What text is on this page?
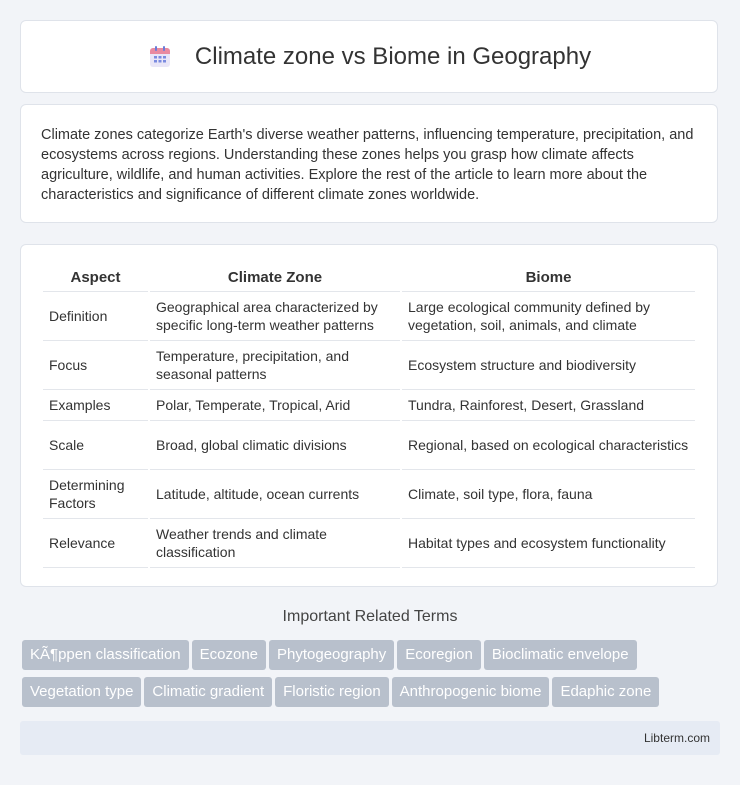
Climate zone vs Biome in Geography

Climate zones categorize Earth's diverse weather patterns, influencing temperature, precipitation, and ecosystems across regions. Understanding these zones helps you grasp how climate affects agriculture, wildlife, and human activities. Explore the rest of the article to learn more about the characteristics and significance of different climate zones worldwide.

Aspect	Climate Zone	Biome
Definition	Geographical area characterized by specific long-term weather patterns	Large ecological community defined by vegetation, soil, animals, and climate
Focus	Temperature, precipitation, and seasonal patterns	Ecosystem structure and biodiversity
Examples	Polar, Temperate, Tropical, Arid	Tundra, Rainforest, Desert, Grassland
Scale	Broad, global climatic divisions	Regional, based on ecological characteristics
Determining Factors	Latitude, altitude, ocean currents	Climate, soil type, flora, fauna
Relevance	Weather trends and climate classification	Habitat types and ecosystem functionality
Important Related Terms
KÃ¶ppen classification Ecozone Phytogeography Ecoregion Bioclimatic envelope
Vegetation type Climatic gradient Floristic region Anthropogenic biome Edaphic zone
Libterm.com
